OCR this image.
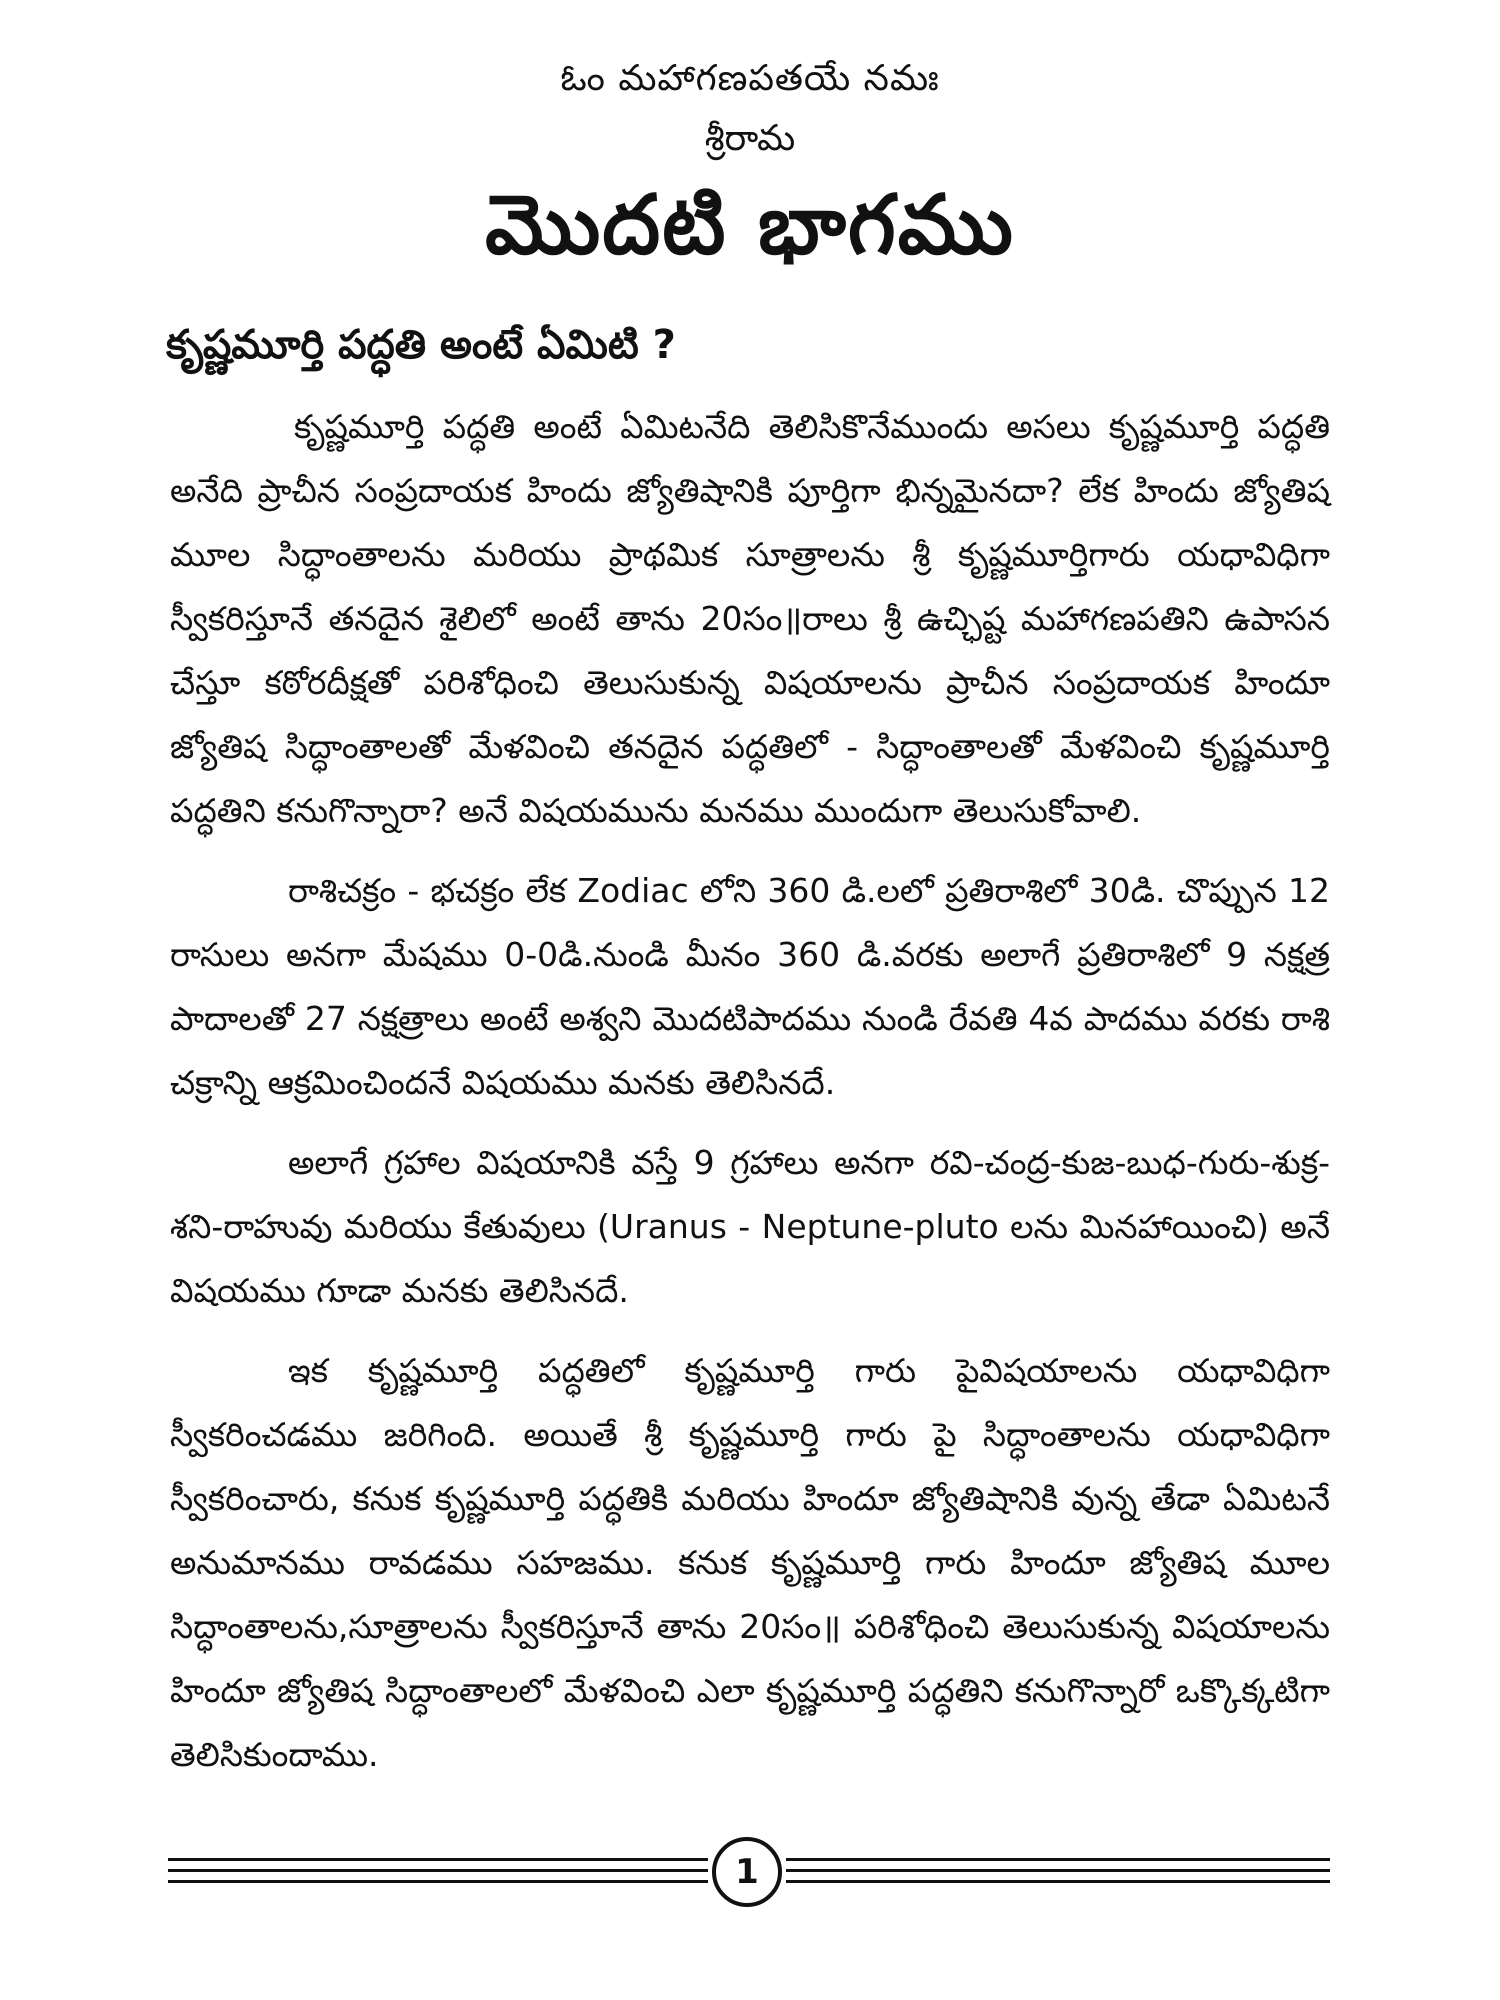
ఓం మహాగణపతయే నమః
శ్రీరామ
మొదటి భాగము
కృష్ణమూర్తి పద్ధతి అంటే ఏమిటి ?

కృష్ణమూర్తి పద్ధతి అంటే ఏమిటనేది తెలిసికొనేముందు అసలు కృష్ణమూర్తి పద్ధతి అనేది ప్రాచీన సంప్రదాయక హిందు జ్యోతిషానికి పూర్తిగా భిన్నమైనదా? లేక హిందు జ్యోతిష మూల సిద్ధాంతాలను మరియు ప్రాథమిక సూత్రాలను శ్రీ కృష్ణమూర్తిగారు యధావిధిగా స్వీకరిస్తూనే తనదైన శైలిలో అంటే తాను 20సం॥రాలు శ్రీ ఉచ్ఛిష్ట మహాగణపతిని ఉపాసన చేస్తూ కఠోరదీక్షతో పరిశోధించి తెలుసుకున్న విషయాలను ప్రాచీన సంప్రదాయక హిందూ జ్యోతిష సిద్ధాంతాలతో మేళవించి తనదైన పద్ధతిలో - సిద్ధాంతాలతో మేళవించి కృష్ణమూర్తి పద్ధతిని కనుగొన్నారా? అనే విషయమును మనము ముందుగా తెలుసుకోవాలి.

రాశిచక్రం - భచక్రం లేక Zodiac లోని 360 డి.లలో ప్రతిరాశిలో 30డి. చొప్పున 12 రాసులు అనగా మేషము 0-0డి.నుండి మీనం 360 డి.వరకు అలాగే ప్రతిరాశిలో 9 నక్షత్ర పాదాలతో 27 నక్షత్రాలు అంటే అశ్వని మొదటిపాదము నుండి రేవతి 4వ పాదము వరకు రాశి చక్రాన్ని ఆక్రమించిందనే విషయము మనకు తెలిసినదే.

అలాగే గ్రహాల విషయానికి వస్తే 9 గ్రహాలు అనగా రవి-చంద్ర-కుజ-బుధ-గురు-శుక్ర-శని-రాహువు మరియు కేతువులు (Uranus - Neptune-pluto లను మినహాయించి) అనే విషయము గూడా మనకు తెలిసినదే.

ఇక కృష్ణమూర్తి పద్ధతిలో కృష్ణమూర్తి గారు పైవిషయాలను యధావిధిగా స్వీకరించడము జరిగింది. అయితే శ్రీ కృష్ణమూర్తి గారు పై సిద్ధాంతాలను యధావిధిగా స్వీకరించారు, కనుక కృష్ణమూర్తి పద్ధతికి మరియు హిందూ జ్యోతిషానికి వున్న తేడా ఏమిటనే అనుమానము రావడము సహజము. కనుక కృష్ణమూర్తి గారు హిందూ జ్యోతిష మూల సిద్ధాంతాలను,సూత్రాలను స్వీకరిస్తూనే తాను 20సం॥ పరిశోధించి తెలుసుకున్న విషయాలను హిందూ జ్యోతిష సిద్ధాంతాలలో మేళవించి ఎలా కృష్ణమూర్తి పద్ధతిని కనుగొన్నారో ఒక్కొక్కటిగా తెలిసికుందాము.

1
